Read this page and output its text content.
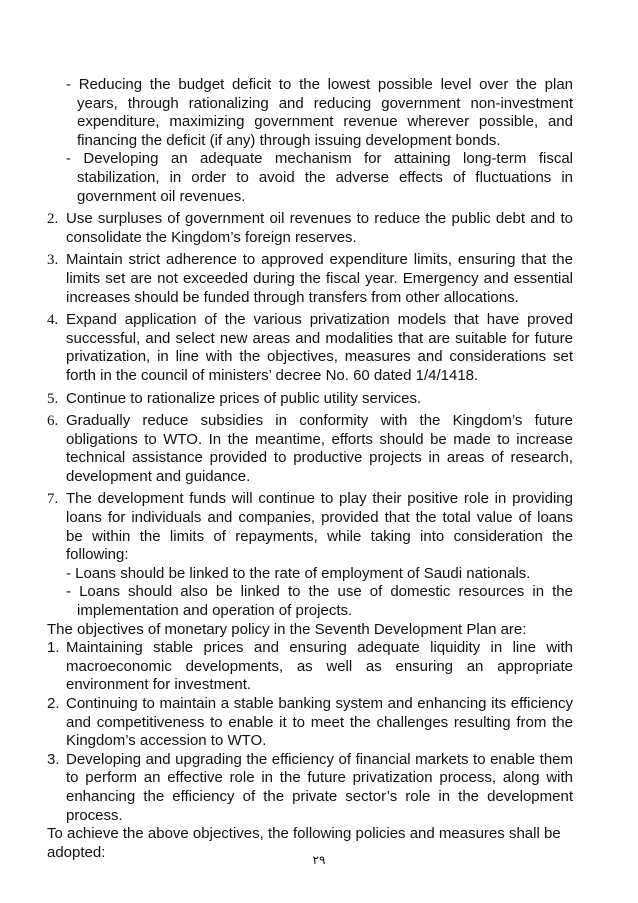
- Reducing the budget deficit to the lowest possible level over the plan years, through rationalizing and reducing government non-investment expenditure, maximizing government revenue wherever possible, and financing the deficit (if any) through issuing development bonds.

- Developing an adequate mechanism for attaining long-term fiscal stabilization, in order to avoid the adverse effects of fluctuations in government oil revenues.

2. Use surpluses of government oil revenues to reduce the public debt and to consolidate the Kingdom’s foreign reserves.
3. Maintain strict adherence to approved expenditure limits, ensuring that the limits set are not exceeded during the fiscal year. Emergency and essential increases should be funded through transfers from other allocations.
4. Expand application of the various privatization models that have proved successful, and select new areas and modalities that are suitable for future privatization, in line with the objectives, measures and considerations set forth in the council of ministers’ decree No. 60 dated 1/4/1418.
5. Continue to rationalize prices of public utility services.
6. Gradually reduce subsidies in conformity with the Kingdom’s future obligations to WTO. In the meantime, efforts should be made to increase technical assistance provided to productive projects in areas of research, development and guidance.
7. The development funds will continue to play their positive role in providing loans for individuals and companies, provided that the total value of loans be within the limits of repayments, while taking into consideration the following:

- Loans should be linked to the rate of employment of Saudi nationals.

- Loans should also be linked to the use of domestic resources in the implementation and operation of projects.

The objectives of monetary policy in the Seventh Development Plan are:

1. Maintaining stable prices and ensuring adequate liquidity in line with macroeconomic developments, as well as ensuring an appropriate environment for investment.
2. Continuing to maintain a stable banking system and enhancing its efficiency and competitiveness to enable it to meet the challenges resulting from the Kingdom’s accession to WTO.
3. Developing and upgrading the efficiency of financial markets to enable them to perform an effective role in the future privatization process, along with enhancing the efficiency of the private sector’s role in the development process.

To achieve the above objectives, the following policies and measures shall be adopted:	٢٩
